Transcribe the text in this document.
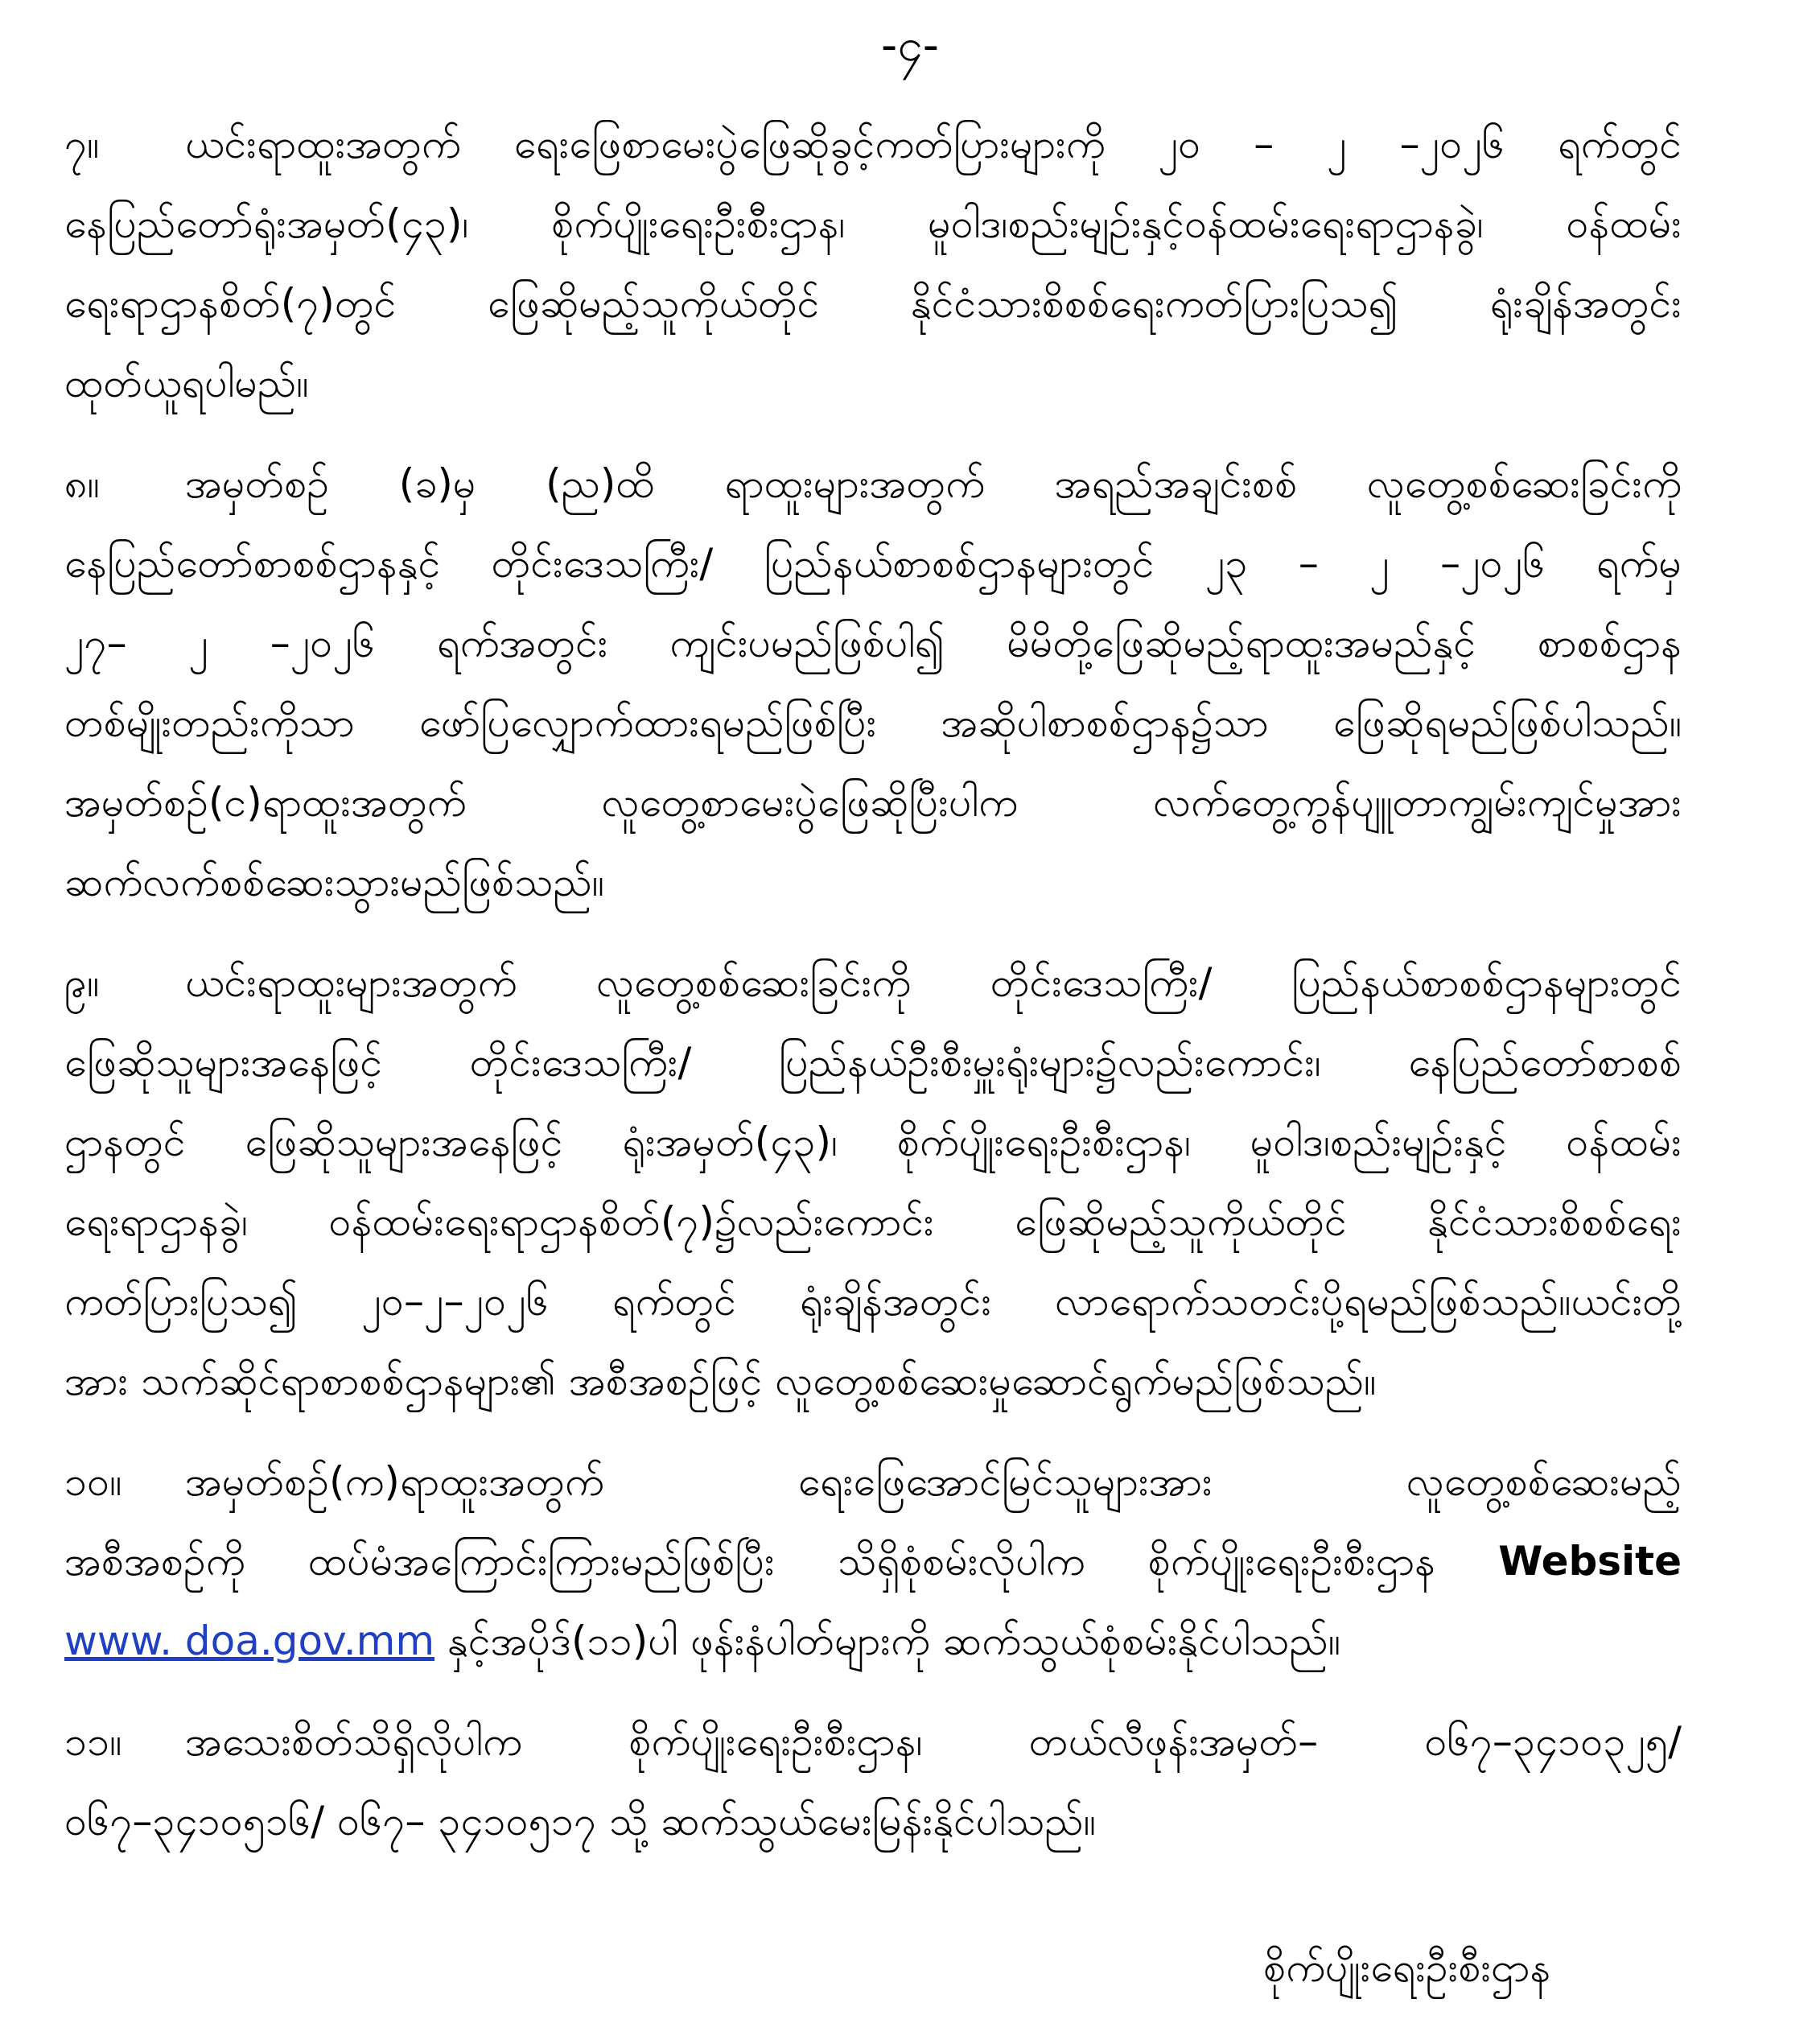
-၄-
၇။ ယင်းရာထူးအတွက် ရေးဖြေစာမေးပွဲဖြေဆိုခွင့်ကတ်ပြားများကို ၂၀ – ၂ –၂၀၂၆ ရက်တွင်
နေပြည်တော်ရုံးအမှတ်(၄၃)၊ စိုက်ပျိုးရေးဦးစီးဌာန၊ မူဝါဒ၊စည်းမျဉ်းနှင့်ဝန်ထမ်းရေးရာဌာနခွဲ၊ ဝန်ထမ်း
ရေးရာဌာနစိတ်(၇)တွင် ဖြေဆိုမည့်သူကိုယ်တိုင် နိုင်ငံသားစိစစ်ရေးကတ်ပြားပြသ၍ ရုံးချိန်အတွင်း
ထုတ်ယူရပါမည်။
၈။ အမှတ်စဉ် (ခ)မှ (ည)ထိ ရာထူးများအတွက် အရည်အချင်းစစ် လူတွေ့စစ်ဆေးခြင်းကို
နေပြည်တော်စာစစ်ဌာနနှင့် တိုင်းဒေသကြီး/ ပြည်နယ်စာစစ်ဌာနများတွင် ၂၃ – ၂ –၂၀၂၆ ရက်မှ
၂၇– ၂ –၂၀၂၆ ရက်အတွင်း ကျင်းပမည်ဖြစ်ပါ၍ မိမိတို့ဖြေဆိုမည့်ရာထူးအမည်နှင့် စာစစ်ဌာန
တစ်မျိုးတည်းကိုသာ ဖော်ပြလျှောက်ထားရမည်ဖြစ်ပြီး အဆိုပါစာစစ်ဌာန၌သာ ဖြေဆိုရမည်ဖြစ်ပါသည်။
အမှတ်စဉ်(င)ရာထူးအတွက် လူတွေ့စာမေးပွဲဖြေဆိုပြီးပါက လက်တွေ့ကွန်ပျူတာကျွမ်းကျင်မှုအား
ဆက်လက်စစ်ဆေးသွားမည်ဖြစ်သည်။
၉။ ယင်းရာထူးများအတွက် လူတွေ့စစ်ဆေးခြင်းကို တိုင်းဒေသကြီး/ ပြည်နယ်စာစစ်ဌာနများတွင်
ဖြေဆိုသူများအနေဖြင့် တိုင်းဒေသကြီး/ ပြည်နယ်ဦးစီးမှူးရုံးများ၌လည်းကောင်း၊ နေပြည်တော်စာစစ်
ဌာနတွင် ဖြေဆိုသူများအနေဖြင့် ရုံးအမှတ်(၄၃)၊ စိုက်ပျိုးရေးဦးစီးဌာန၊ မူဝါဒ၊စည်းမျဉ်းနှင့် ဝန်ထမ်း
ရေးရာဌာနခွဲ၊ ဝန်ထမ်းရေးရာဌာနစိတ်(၇)၌လည်းကောင်း ဖြေဆိုမည့်သူကိုယ်တိုင် နိုင်ငံသားစိစစ်ရေး
ကတ်ပြားပြသ၍ ၂၀–၂–၂၀၂၆ ရက်တွင် ရုံးချိန်အတွင်း လာရောက်သတင်းပို့ရမည်ဖြစ်သည်။ယင်းတို့
အား သက်ဆိုင်ရာစာစစ်ဌာနများ၏ အစီအစဉ်ဖြင့် လူတွေ့စစ်ဆေးမှုဆောင်ရွက်မည်ဖြစ်သည်။
၁၀။ အမှတ်စဉ်(က)ရာထူးအတွက် ရေးဖြေအောင်မြင်သူများအား လူတွေ့စစ်ဆေးမည့်
အစီအစဉ်ကို ထပ်မံအကြောင်းကြားမည်ဖြစ်ပြီး သိရှိစုံစမ်းလိုပါက စိုက်ပျိုးရေးဦးစီးဌာန Website
www. doa.gov.mm နှင့်အပိုဒ်(၁၁)ပါ ဖုန်းနံပါတ်များကို ဆက်သွယ်စုံစမ်းနိုင်ပါသည်။
၁၁။ အသေးစိတ်သိရှိလိုပါက စိုက်ပျိုးရေးဦးစီးဌာန၊ တယ်လီဖုန်းအမှတ်– ၀၆၇–၃၄၁၀၃၂၅/
၀၆၇–၃၄၁၀၅၁၆/ ၀၆၇– ၃၄၁၀၅၁၇ သို့ ဆက်သွယ်မေးမြန်းနိုင်ပါသည်။
စိုက်ပျိုးရေးဦးစီးဌာန
